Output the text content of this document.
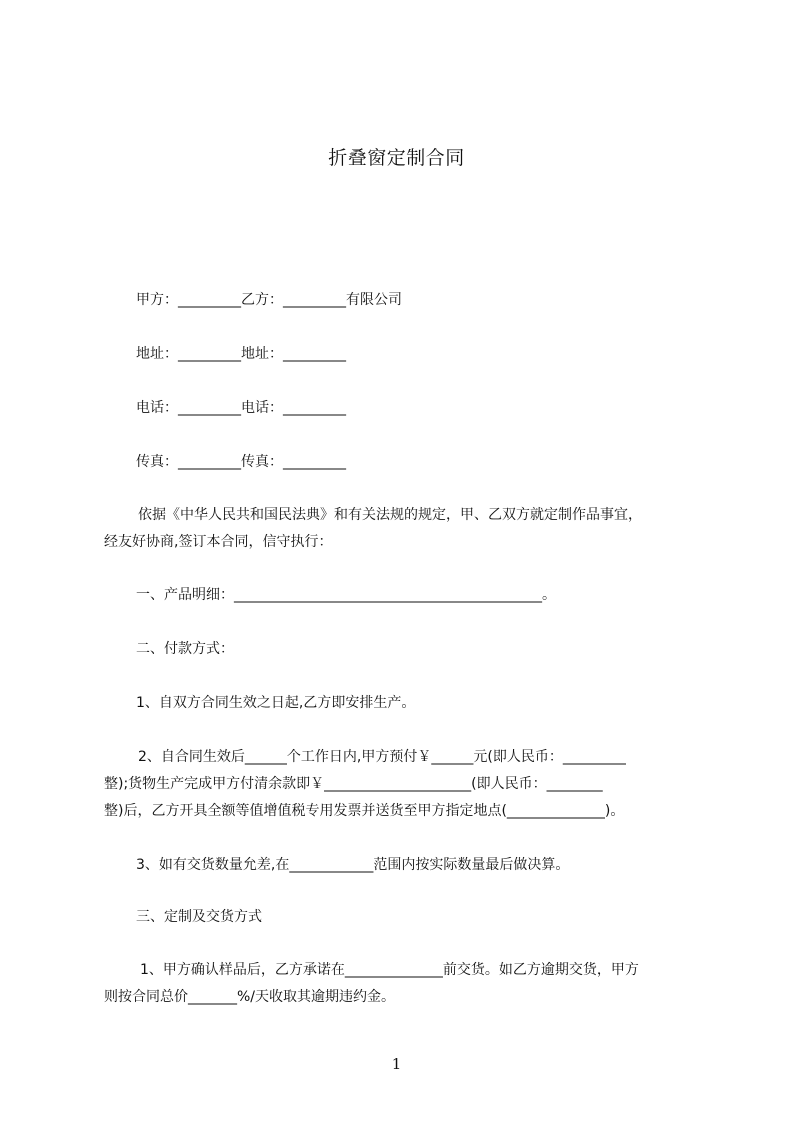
折叠窗定制合同
甲方：_________乙方：_________有限公司
地址：_________地址：_________
电话：_________电话：_________
传真：_________传真：_________
依据《中华人民共和国民法典》和有关法规的规定，甲、乙双方就定制作品事宜，
经友好协商,签订本合同，信守执行：
一、产品明细：____________________________________________。
二、付款方式：
1、自双方合同生效之日起,乙方即安排生产。
2、自合同生效后______个工作日内,甲方预付￥______元(即人民币：_________
整);货物生产完成甲方付清余款即￥_____________________(即人民币：________
整)后，乙方开具全额等值增值税专用发票并送货至甲方指定地点(______________)。
3、如有交货数量允差,在____________范围内按实际数量最后做决算。
三、定制及交货方式
1、甲方确认样品后，乙方承诺在______________前交货。如乙方逾期交货，甲方
则按合同总价_______%/天收取其逾期违约金。
1
